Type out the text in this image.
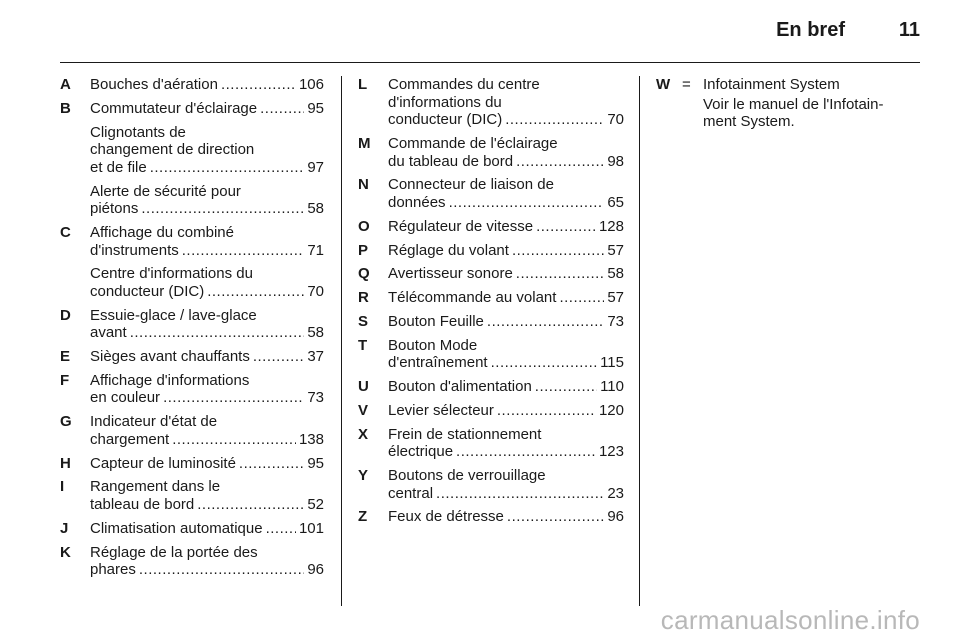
En bref	11
A Bouches d'aération .....	106
B Commutateur d'éclairage .....	95
Clignotants de
changement de direction
et de file .....	97
Alerte de sécurité pour
piétons .....	58
C Affichage du combiné
d'instruments .....	71
Centre d'informations du
conducteur (DIC) .....	70
D Essuie-glace / lave-glace
avant .....	58
E Sièges avant chauffants .....	37
F Affichage d'informations
en couleur .....	73
G Indicateur d'état de
chargement .....	138
H Capteur de luminosité .....	95
I Rangement dans le
tableau de bord .....	52
J Climatisation automatique ..... 101
K Réglage de la portée des
phares .....	96
L Commandes du centre
d'informations du
conducteur (DIC) .....	70
M Commande de l'éclairage
du tableau de bord .....	98
N Connecteur de liaison de
données .....	65
O Régulateur de vitesse .....	128
P Réglage du volant .....	57
Q Avertisseur sonore .....	58
R Télécommande au volant .....	57
S Bouton Feuille .....	73
T Bouton Mode
d'entraînement .....	115
U Bouton d'alimentation .....	110
V Levier sélecteur .....	120
X Frein de stationnement
électrique .....	123
Y Boutons de verrouillage
central .....	23
Z Feux de détresse .....	96
W = Infotainment System
Voir le manuel de l'Infotain-
ment System.
carmanualsonline.info
